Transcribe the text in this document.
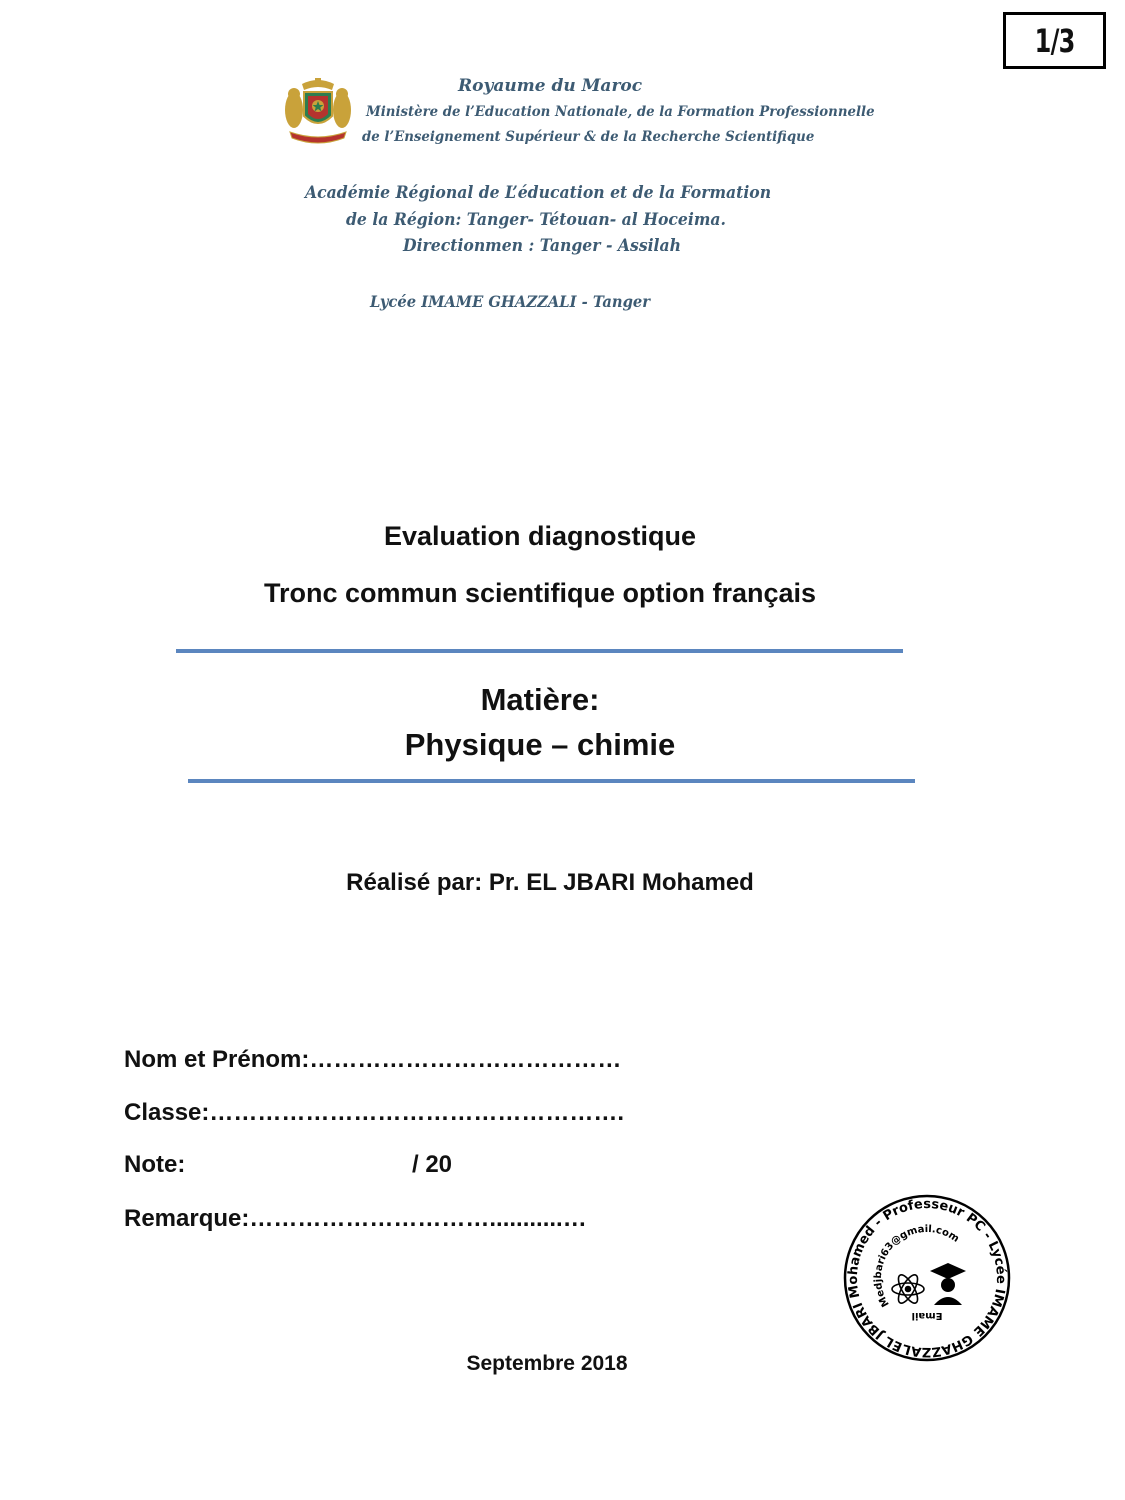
1/3
Royaume du Maroc
Ministère de l’Education Nationale, de la Formation Professionnelle
de l’Enseignement Supérieur & de la Recherche Scientifique
Académie Régional de L’éducation et de la Formation
de la Région: Tanger- Tétouan- al Hoceima.
Directionmen : Tanger - Assilah
Lycée IMAME GHAZZALI - Tanger
Evaluation diagnostique
Tronc commun scientifique option français
Matière:
Physique – chimie
Réalisé par: Pr. EL JBARI Mohamed
Nom et Prénom:…………………………………
Classe:…………………………………………….
Note:	/ 20
Remarque:…………………………...........…
EL JBARI Mohamed - Professeur PC - Lycée IMAME GHAZZALI
Medjbari63@gmail.com
Email
Septembre 2018
